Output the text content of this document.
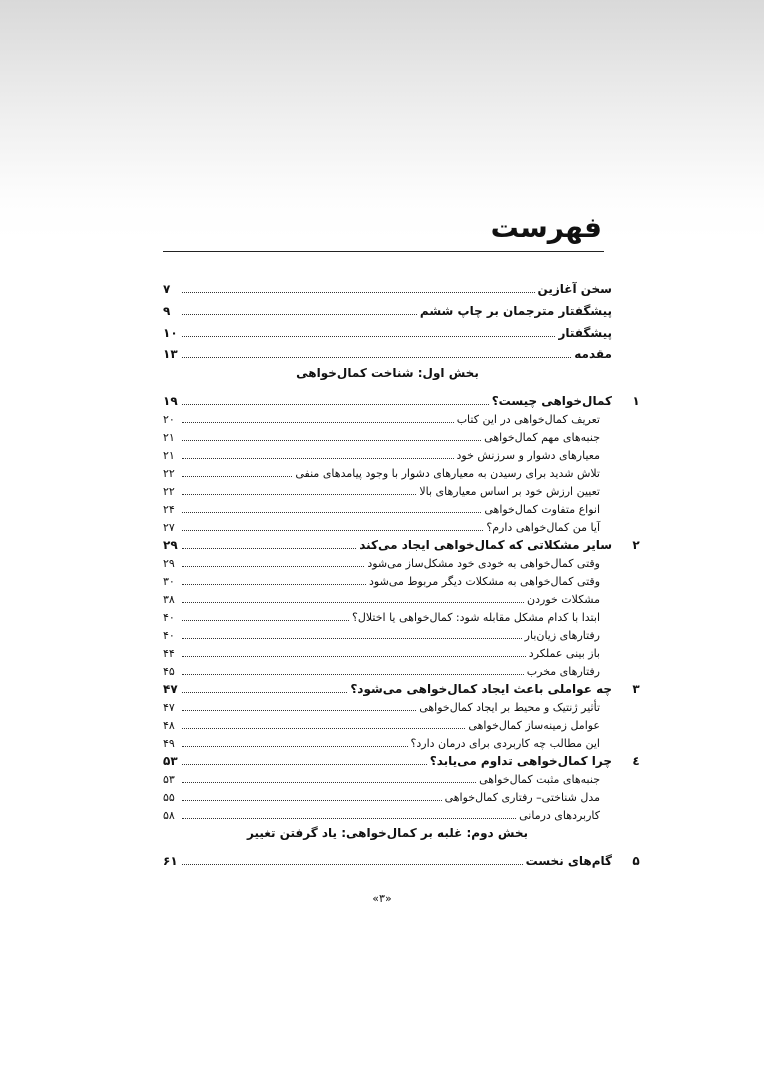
فهرست
۷	سخن آغازین
۹	پیشگفتار مترجمان بر چاپ ششم
۱۰	پیشگفتار
۱۳	مقدمه
بخش اول: شناخت کمال‌خواهی
۱۹	کمال‌خواهی چیست؟	۱
۲۰	تعریف کمال‌خواهی در این کتاب
۲۱	جنبه‌های مهم کمال‌خواهی
۲۱	معیارهای دشوار و سرزنش خود
۲۲	تلاش شدید برای رسیدن به معیارهای دشوار با وجود پیامدهای منفی
۲۲	تعیین ارزش خود بر اساس معیارهای بالا
۲۴	انواع متفاوت کمال‌خواهی
۲۷	آیا من کمال‌خواهی دارم؟
۲۹	سایر مشکلاتی که کمال‌خواهی ایجاد می‌کند	۲
۲۹	وقتی کمال‌خواهی به خودی خود مشکل‌ساز می‌شود
۳۰	وقتی کمال‌خواهی به مشکلات دیگر مربوط می‌شود
۳۸	مشکلات خوردن
۴۰	ابتدا با کدام مشکل مقابله شود: کمال‌خواهی یا اختلال؟
۴۰	رفتارهای زیان‌بار
۴۴	باز بینی عملکرد
۴۵	رفتارهای مخرب
۴۷	چه عواملی باعث ایجاد کمال‌خواهی می‌شود؟	۳
۴۷	تأثیر ژنتیک و محیط بر ایجاد کمال‌خواهی
۴۸	عوامل زمینه‌ساز کمال‌خواهی
۴۹	این مطالب چه کاربردی برای درمان دارد؟
۵۳	چرا کمال‌خواهی تداوم می‌یابد؟	٤
۵۳	جنبه‌های مثبت کمال‌خواهی
۵۵	مدل شناختی– رفتاری کمال‌خواهی
۵۸	کاربردهای درمانی
بخش دوم: غلبه بر کمال‌خواهی: یاد گرفتن تغییر
۶۱	گام‌های نخست	۵
«۳»
